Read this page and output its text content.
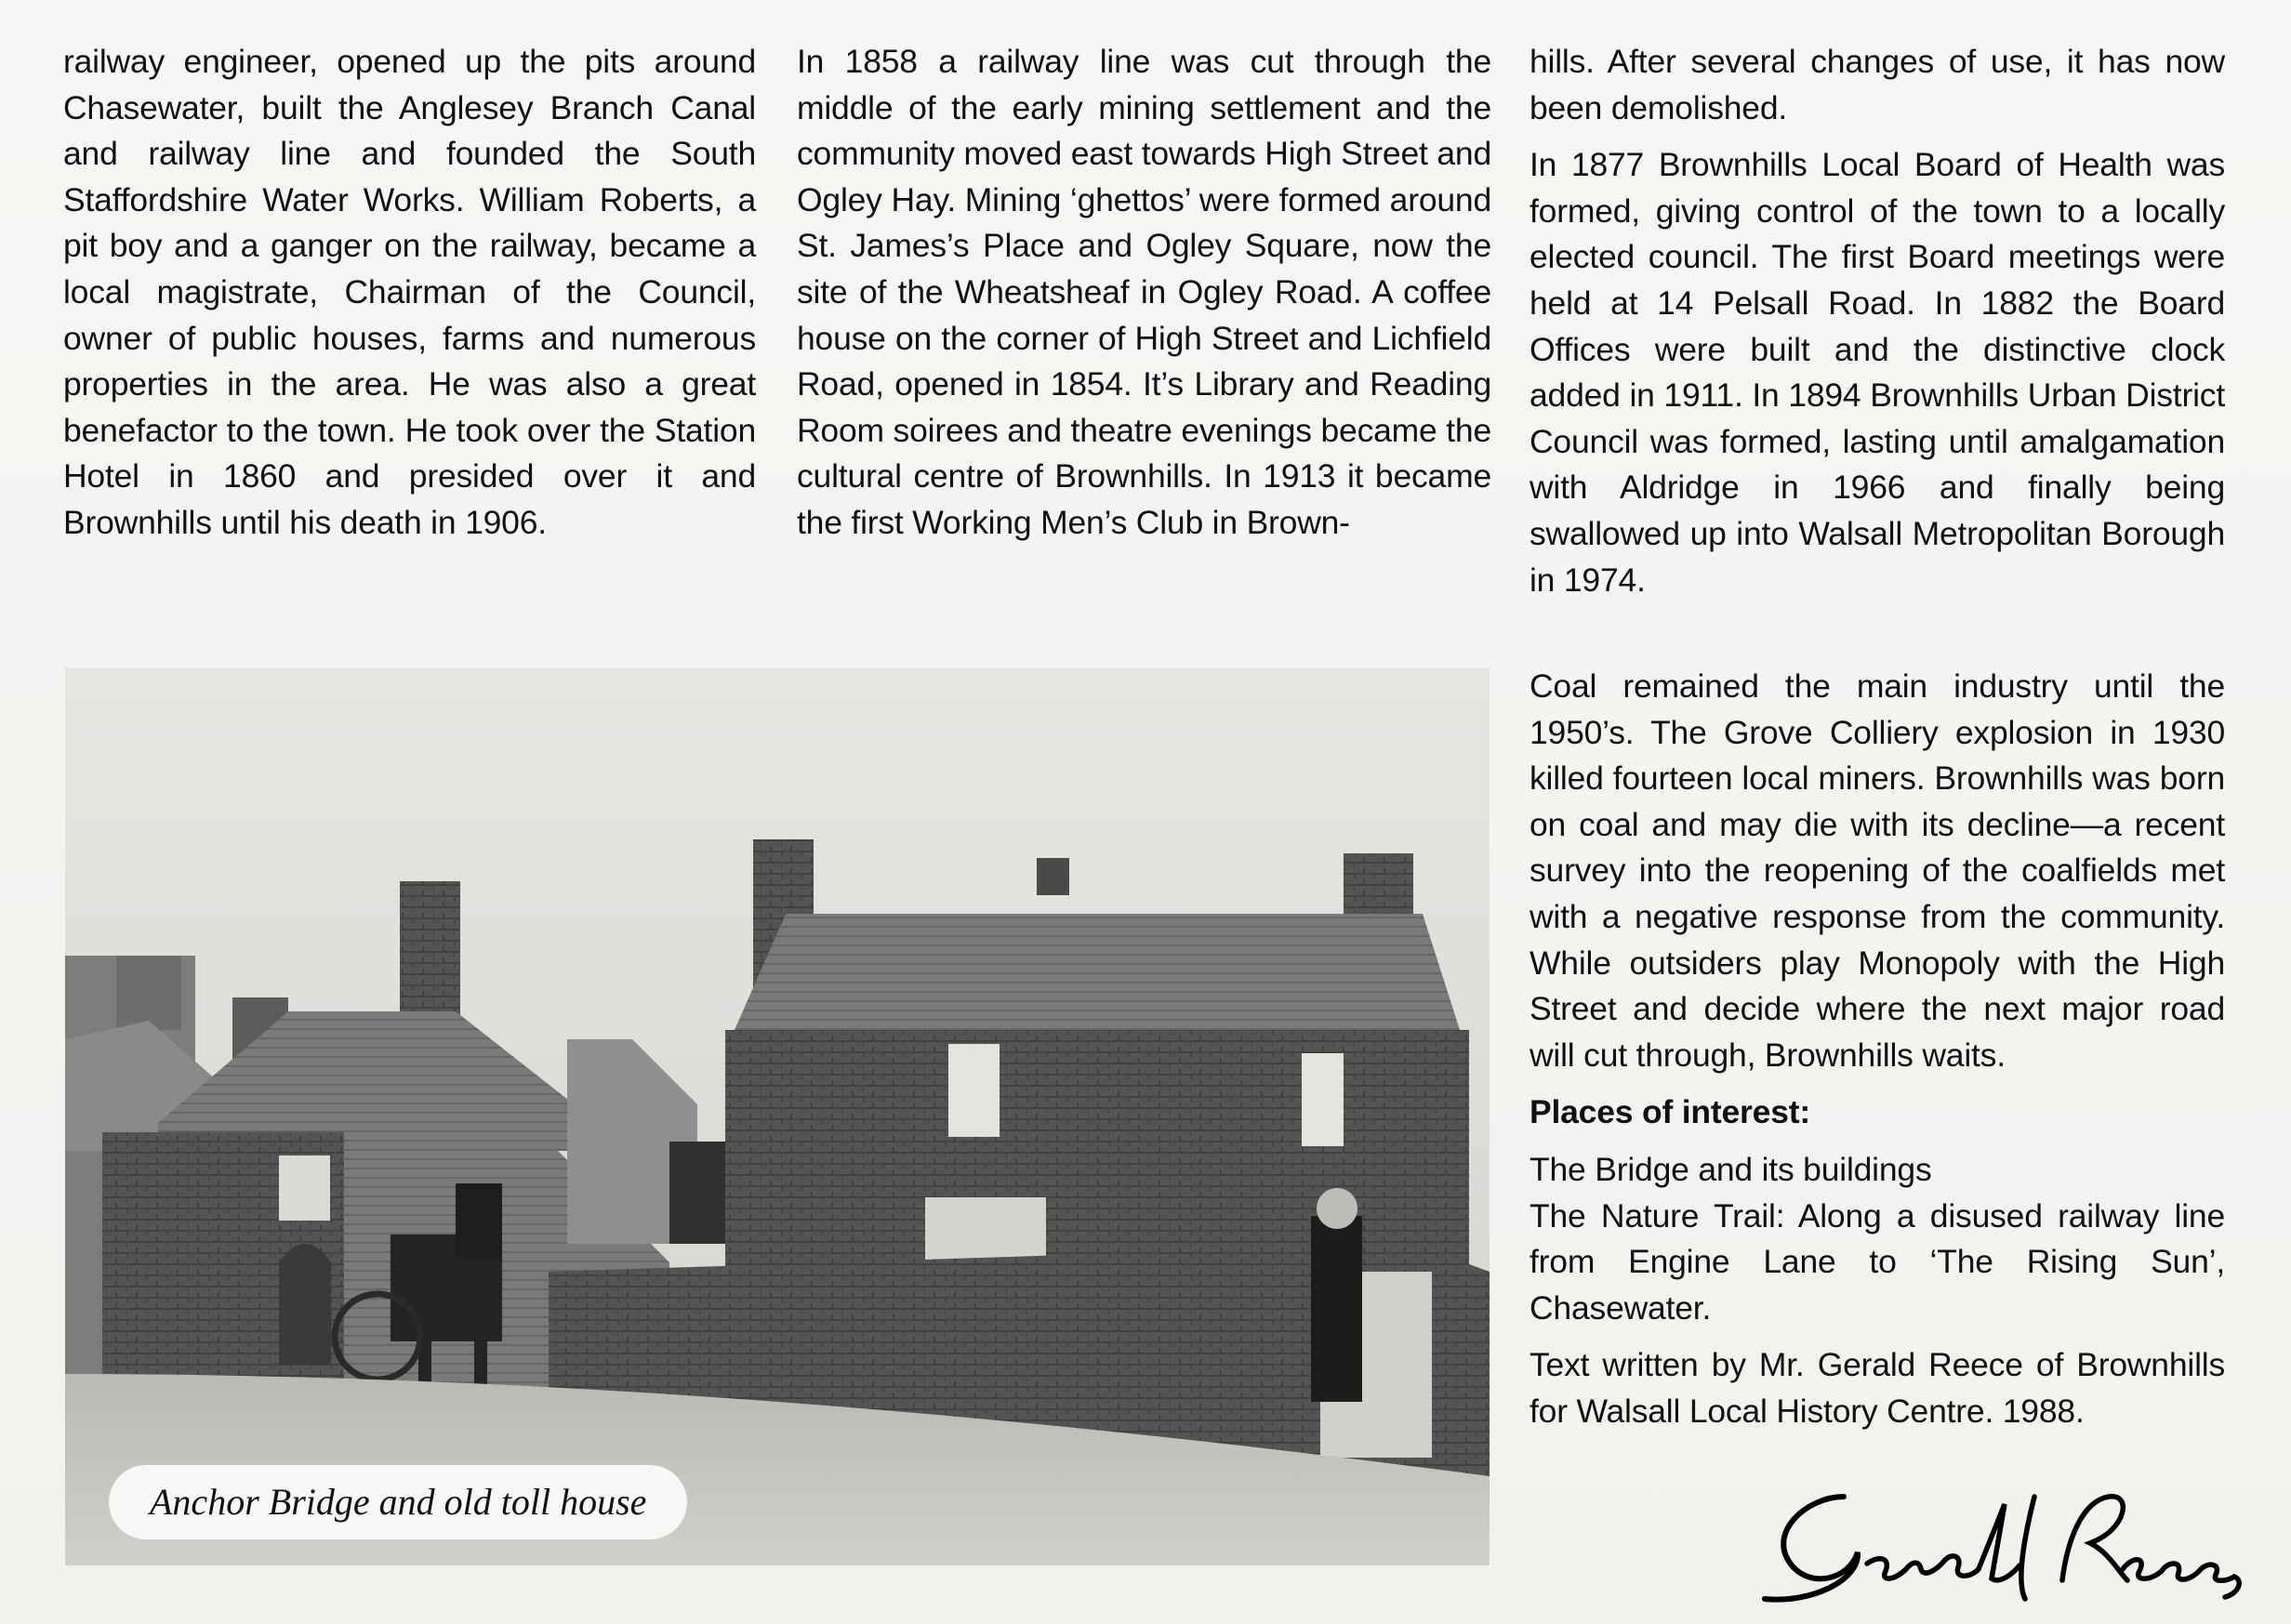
railway engineer, opened up the pits around Chasewater, built the Anglesey Branch Canal and railway line and founded the South Staffordshire Water Works. William Roberts, a pit boy and a ganger on the railway, became a local magistrate, Chairman of the Council, owner of public houses, farms and numerous properties in the area. He was also a great benefactor to the town. He took over the Station Hotel in 1860 and presided over it and Brownhills until his death in 1906.

In 1858 a railway line was cut through the middle of the early mining settlement and the community moved east towards High Street and Ogley Hay. Mining ‘ghettos’ were formed around St. James’s Place and Ogley Square, now the site of the Wheatsheaf in Ogley Road. A coffee house on the corner of High Street and Lichfield Road, opened in 1854. It’s Library and Reading Room soirees and theatre evenings became the cultural centre of Brownhills. In 1913 it became the first Working Men’s Club in Brown-

hills. After several changes of use, it has now been demolished.

In 1877 Brownhills Local Board of Health was formed, giving control of the town to a locally elected council. The first Board meetings were held at 14 Pelsall Road. In 1882 the Board Offices were built and the distinctive clock added in 1911. In 1894 Brownhills Urban District Council was formed, lasting until amalgamation with Aldridge in 1966 and finally being swallowed up into Walsall Metropolitan Borough in 1974.

Coal remained the main industry until the 1950’s. The Grove Colliery explosion in 1930 killed fourteen local miners. Brownhills was born on coal and may die with its decline—a recent survey into the reopening of the coalfields met with a negative response from the community. While outsiders play Monopoly with the High Street and decide where the next major road will cut through, Brownhills waits.

Places of interest:

The Bridge and its buildings

The Nature Trail: Along a disused railway line from Engine Lane to ‘The Rising Sun’, Chasewater.

Text written by Mr. Gerald Reece of Brownhills for Walsall Local History Centre. 1988.

Anchor Bridge and old toll house
